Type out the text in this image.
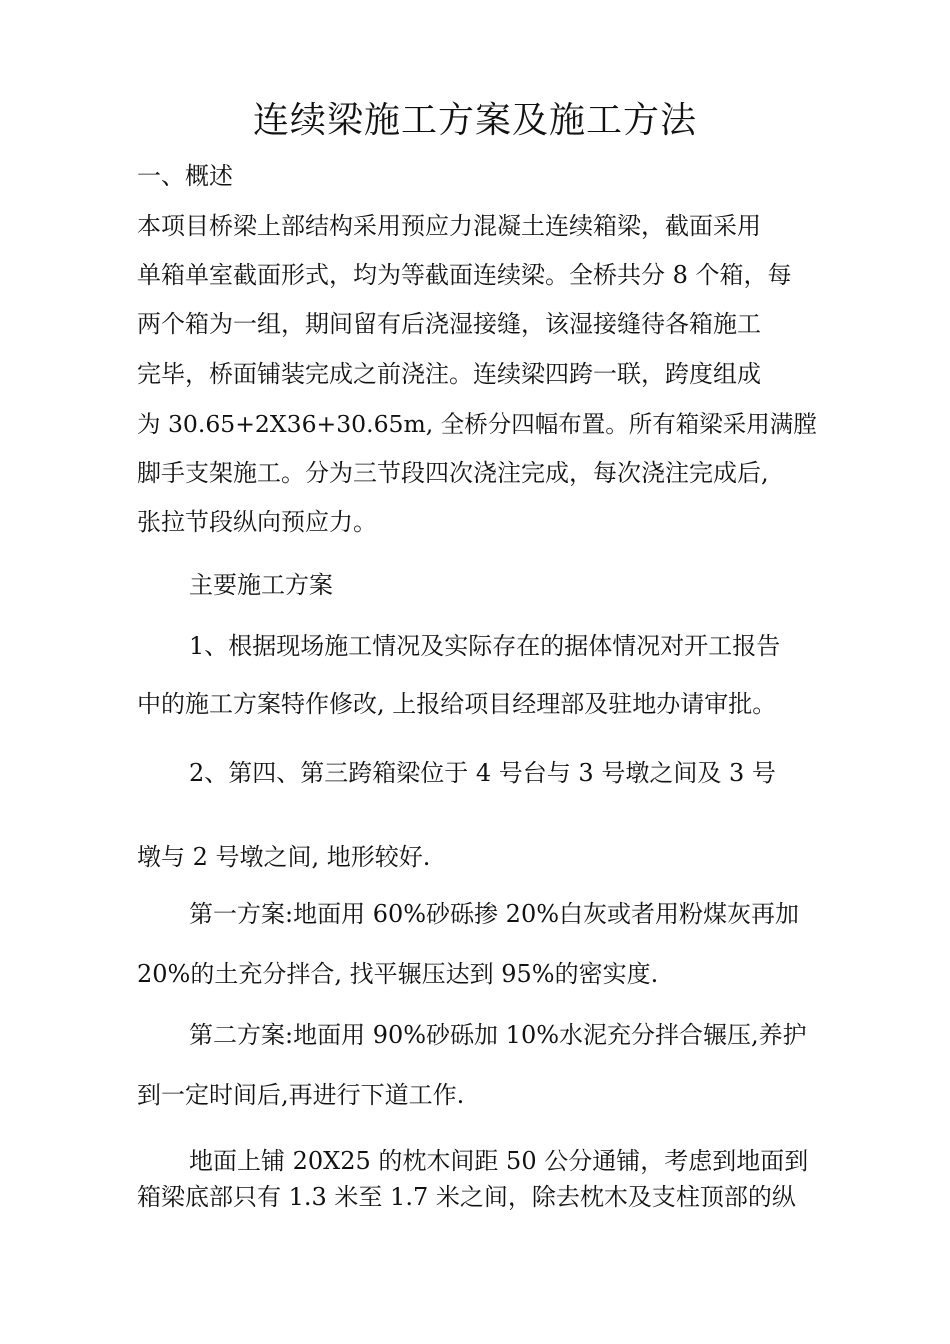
连续梁施工方案及施工方法
一、概述
本项目桥梁上部结构采用预应力混凝土连续箱梁，截面采用
单箱单室截面形式，均为等截面连续梁。全桥共分 8 个箱，每
两个箱为一组，期间留有后浇湿接缝，该湿接缝待各箱施工
完毕，桥面铺装完成之前浇注。连续梁四跨一联，跨度组成
为 30.65+2X36+30.65m, 全桥分四幅布置。所有箱梁采用满膛
脚手支架施工。分为三节段四次浇注完成，每次浇注完成后,
张拉节段纵向预应力。
主要施工方案
1、根据现场施工情况及实际存在的据体情况对开工报告
中的施工方案特作修改, 上报给项目经理部及驻地办请审批。
2、第四、第三跨箱梁位于 4 号台与 3 号墩之间及 3 号
墩与 2 号墩之间, 地形较好.
第一方案:地面用 60%砂砾掺 20%白灰或者用粉煤灰再加
20%的土充分拌合, 找平辗压达到 95%的密实度.
第二方案:地面用 90%砂砾加 10%水泥充分拌合辗压,养护
到一定时间后,再进行下道工作.
地面上铺 20X25 的枕木间距 50 公分通铺，考虑到地面到
箱梁底部只有 1.3 米至 1.7 米之间，除去枕木及支柱顶部的纵
